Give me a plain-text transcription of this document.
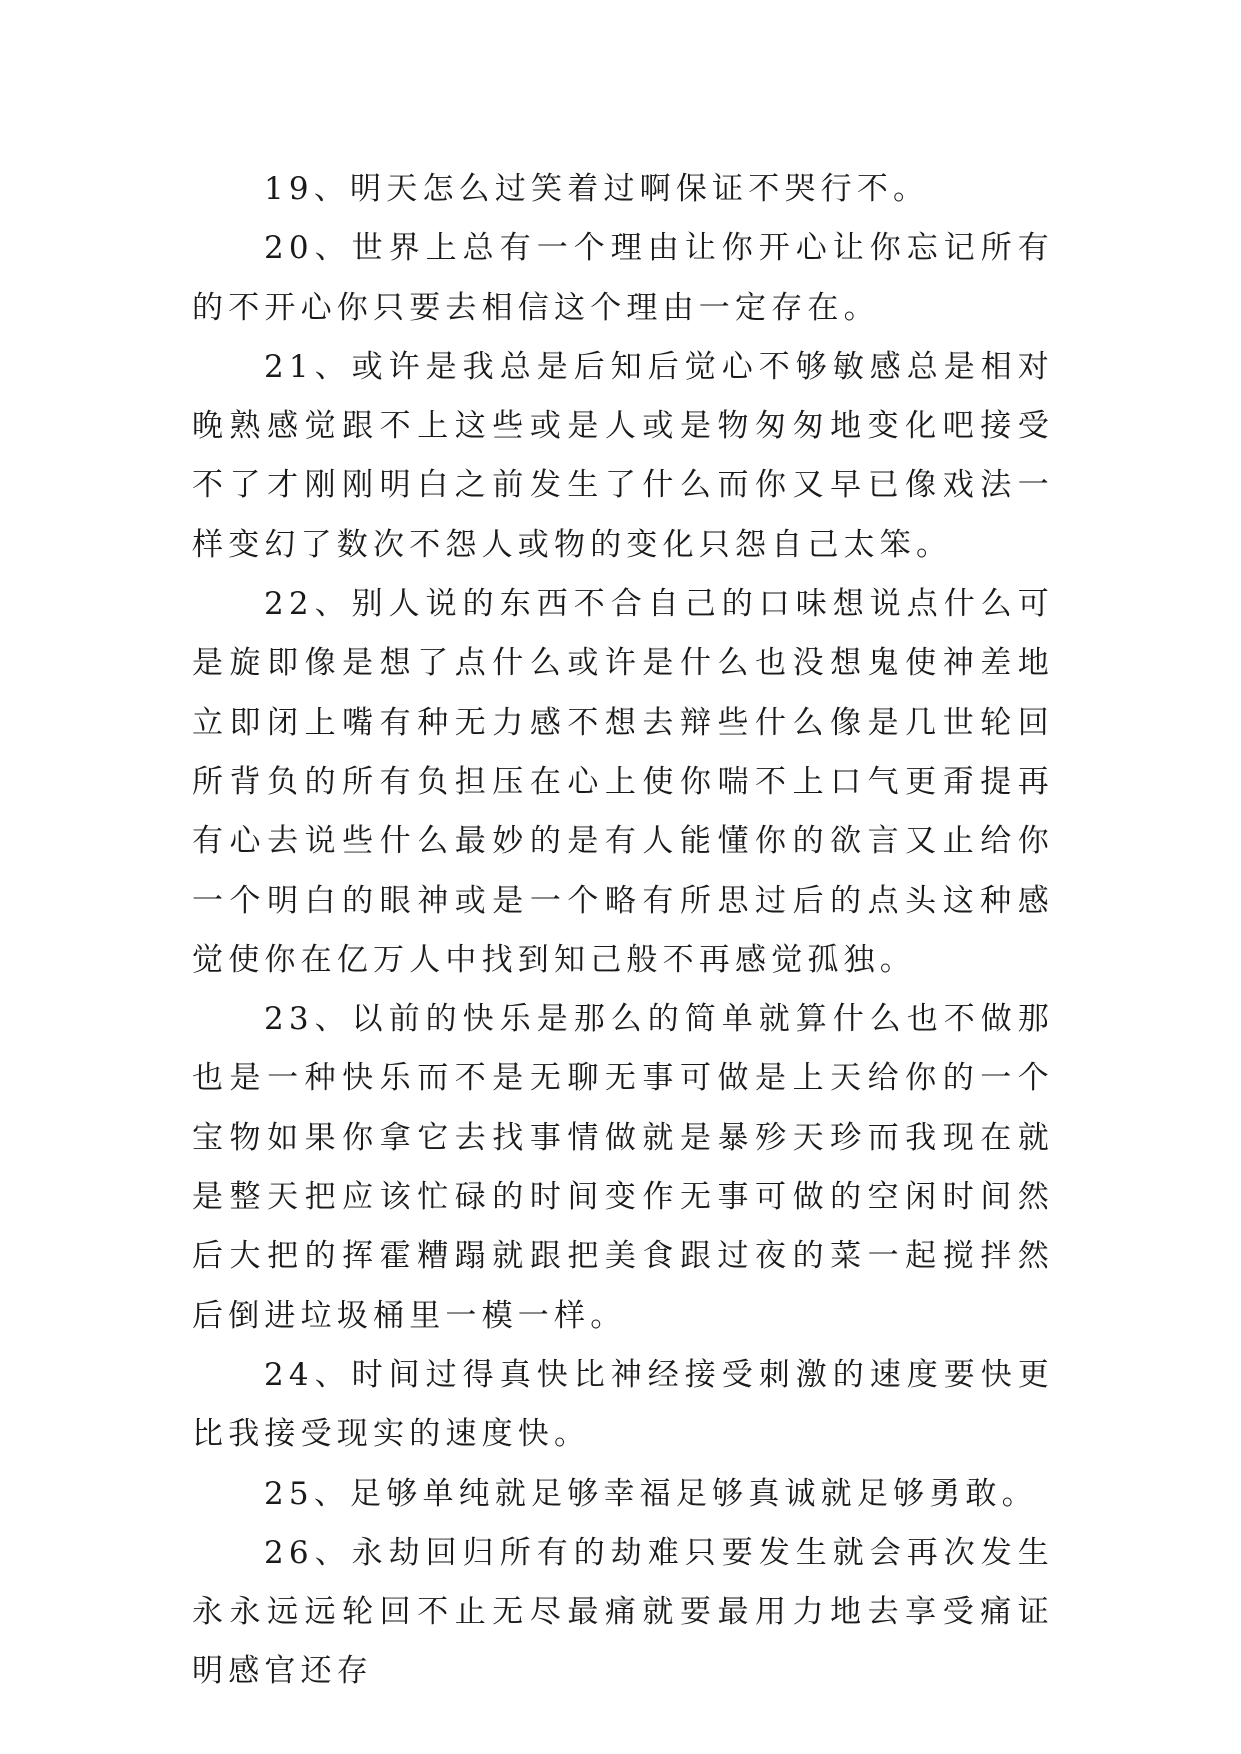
19、明天怎么过笑着过啊保证不哭行不。

20、世界上总有一个理由让你开心让你忘记所有的不开心你只要去相信这个理由一定存在。

21、或许是我总是后知后觉心不够敏感总是相对晚熟感觉跟不上这些或是人或是物匆匆地变化吧接受不了才刚刚明白之前发生了什么而你又早已像戏法一样变幻了数次不怨人或物的变化只怨自己太笨。

22、别人说的东西不合自己的口味想说点什么可是旋即像是想了点什么或许是什么也没想鬼使神差地立即闭上嘴有种无力感不想去辩些什么像是几世轮回所背负的所有负担压在心上使你喘不上口气更甭提再有心去说些什么最妙的是有人能懂你的欲言又止给你一个明白的眼神或是一个略有所思过后的点头这种感觉使你在亿万人中找到知己般不再感觉孤独。

23、以前的快乐是那么的简单就算什么也不做那也是一种快乐而不是无聊无事可做是上天给你的一个宝物如果你拿它去找事情做就是暴殄天珍而我现在就是整天把应该忙碌的时间变作无事可做的空闲时间然后大把的挥霍糟蹋就跟把美食跟过夜的菜一起搅拌然后倒进垃圾桶里一模一样。

24、时间过得真快比神经接受刺激的速度要快更比我接受现实的速度快。

25、足够单纯就足够幸福足够真诚就足够勇敢。

26、永劫回归所有的劫难只要发生就会再次发生永永远远轮回不止无尽最痛就要最用力地去享受痛证明感官还存
